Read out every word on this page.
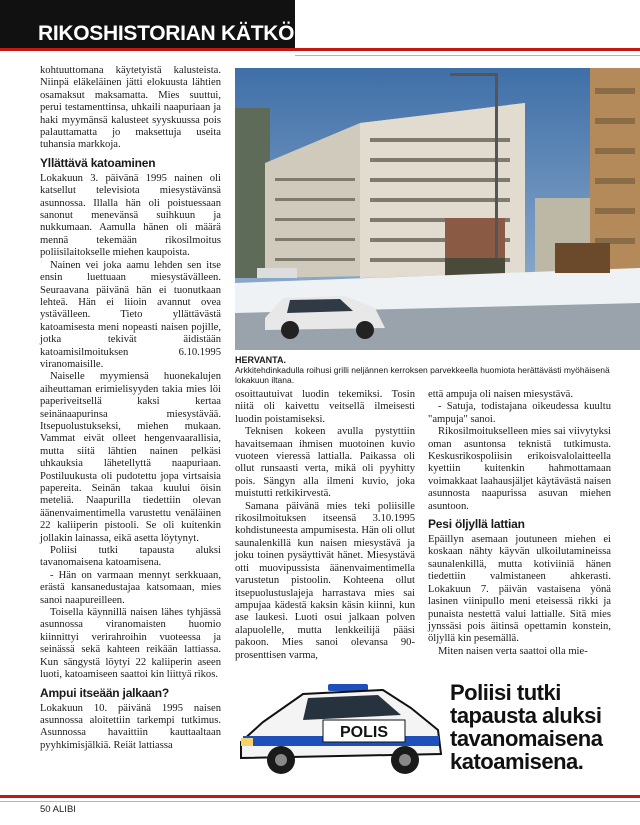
RIKOSHISTORIAN KÄTKÖISTÄ

kohtuuttomana käytetyistä kalusteista. Niinpä eläkeläinen jätti elokuusta lähtien osamaksut maksamatta. Mies suuttui, perui testamenttinsa, uhkaili naapuriaan ja haki myymänsä kalusteet syyskuussa pois palauttamatta jo maksettuja useita tuhansia markkoja.

Yllättävä katoaminen

Lokakuun 3. päivänä 1995 nainen oli katsellut televisiota miesystävänsä asunnossa. Illalla hän oli poistuessaan sanonut menevänsä suihkuun ja nukkumaan. Aamulla hänen oli määrä mennä tekemään rikosilmoitus poliisilaitokselle miehen kaupoista.

Nainen vei joka aamu lehden sen itse ensin luettuaan miesystävälleen. Seuraavana päivänä hän ei tuonutkaan lehteä. Hän ei liioin avannut ovea ystävälleen. Tieto yllättävästä katoamisesta meni nopeasti naisen pojille, jotka tekivät äidistään katoamisilmoituksen 6.10.1995 viranomaisille.

Naiselle myymiensä huonekalujen aiheuttaman erimielisyyden takia mies löi paperiveitsellä kaksi kertaa seinänaapurinsa miesystävää. Itsepuolustukseksi, miehen mukaan. Vammat eivät olleet hengenvaarallisia, mutta siitä lähtien nainen pelkäsi uhkauksia lähetellyttä naapuriaan. Postiluukusta oli pudotettu jopa virtsaisia papereita. Seinän takaa kuului öisin meteliä. Naapurilla tiedettiin olevan äänenvaimentimella varustettu venäläinen 22 kaliiperin pistooli. Se oli kuitenkin jollakin lainassa, eikä asetta löytynyt.

Poliisi tutki tapausta aluksi tavanomaisena katoamisena.

- Hän on varmaan mennyt serkkuaan, erästä kansanedustajaa katsomaan, mies sanoi naapureilleen.

Toisella käynnillä naisen lähes tyhjässä asunnossa viranomaisten huomio kiinnittyi verirahroihin vuoteessa ja seinässä sekä kahteen reikään lattiassa. Kun sängystä löytyi 22 kaliiperin aseen luoti, katoamiseen saattoi kin liittyä rikos.

Ampui itseään jalkaan?

Lokakuun 10. päivänä 1995 naisen asunnossa aloitettiin tarkempi tutkimus. Asunnossa havaittiin kauttaaltaan pyyhkimisjälkiä. Reiät lattiassa

HERVANTA.
Arkkitehdinkadulla roihusi grilli neljännen kerroksen parvekkeella huomiota herättävästi myöhäisenä lokakuun iltana.

osoittautuivat luodin tekemiksi. Tosin niitä oli kaivettu veitsellä ilmeisesti luodin poistamiseksi.

Teknisen kokeen avulla pystyttiin havaitsemaan ihmisen muotoinen kuvio vuoteen vieressä lattialla. Paikassa oli ollut runsaasti verta, mikä oli pyyhitty pois. Sängyn alla ilmeni kuvio, joka muistutti retkikirvestä.

Samana päivänä mies teki poliisille rikosilmoituksen itseensä 3.10.1995 kohdistuneesta ampumisesta. Hän oli ollut saunalenkillä kun naisen miesystävä ja joku toinen pysäyttivät hänet. Miesystävä otti muovipussista äänenvaimentimella varustetun pistoolin. Kohteena ollut itsepuolustuslajeja harrastava mies sai ampujaa kädestä kaksin käsin kiinni, kun ase laukesi. Luoti osui jalkaan polven alapuolelle, mutta lenkkeilijä pääsi pakoon. Mies sanoi olevansa 90-prosenttisen varma,

että ampuja oli naisen miesystävä.

- Satuja, todistajana oikeudessa kuultu "ampuja" sanoi.

Rikosilmoitukselleen mies sai viivytyksi oman asuntonsa teknistä tutkimusta. Keskusrikospoliisin erikoisvalolaitteella kyettiin kuitenkin hahmottamaan voimakkaat laahausjäljet käytävästä naisen asunnosta naapurissa asuvan miehen asuntoon.

Pesi öljyllä lattian

Epäillyn asemaan joutuneen miehen ei koskaan nähty käyvän ulkoilutamineissa saunalenkillä, mutta kotiviiniä hänen tiedettiin valmistaneen ahkerasti. Lokakuun 7. päivän vastaisena yönä lasinen viinipullo meni eteisessä rikki ja punaista nestettä valui lattialle. Sitä mies jynssäsi pois äitinsä opettamin konstein, öljyllä kin pesemällä.

Miten naisen verta saattoi olla mie-

POLIS
Poliisi tutki tapausta aluksi tavanomaisena katoamisena.
50 ALIBI
